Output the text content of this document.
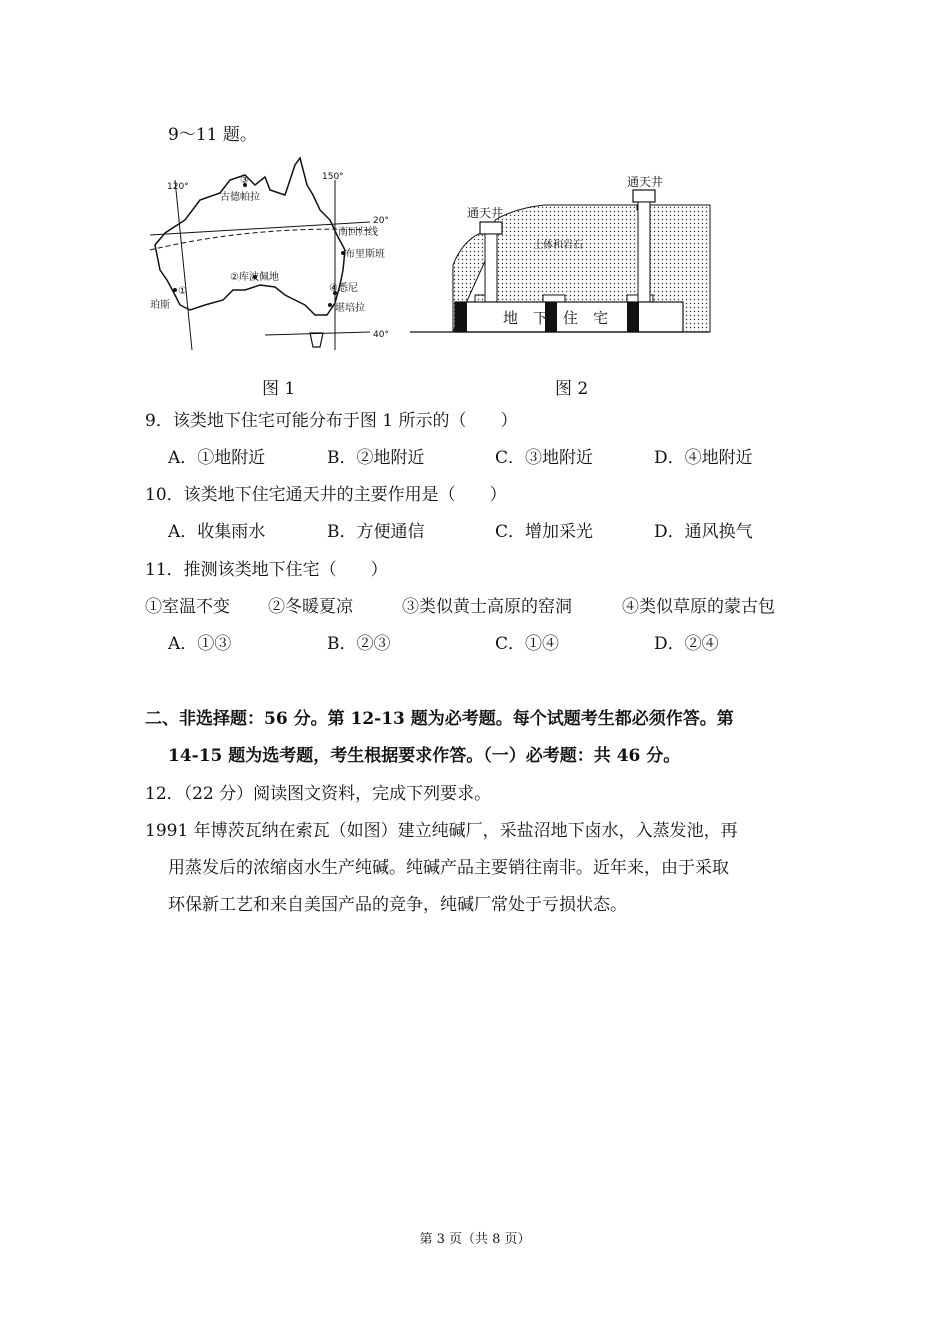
9～11 题。
120°
150°
20°
40°
③
古德帕拉
南回归线
布里斯班
②库波佩地
④悉尼
①
珀斯	堪培拉
通天井
通天井
土体和岩石
地　下　住　宅
图 1	图 2
9．该类地下住宅可能分布于图 1 所示的（　　）
A．①地附近	B．②地附近	C．③地附近	D．④地附近
10．该类地下住宅通天井的主要作用是（　　）
A．收集雨水	B．方便通信	C．增加采光	D．通风换气
11．推测该类地下住宅（　　）
①室温不变 ②冬暖夏凉	③类似黄士高原的窑洞	④类似草原的蒙古包
A．①③	B．②③	C．①④	D．②④
二、非选择题：56 分。第 12-13 题为必考题。每个试题考生都必须作答。第
14-15 题为选考题，考生根据要求作答。（一）必考题：共 46 分。
12．（22 分）阅读图文资料，完成下列要求。
1991 年博茨瓦纳在索瓦（如图）建立纯碱厂，采盐沼地下卤水，入蒸发池，再
用蒸发后的浓缩卤水生产纯碱。纯碱产品主要销往南非。近年来，由于采取
环保新工艺和来自美国产品的竞争，纯碱厂常处于亏损状态。
第 3 页（共 8 页）
